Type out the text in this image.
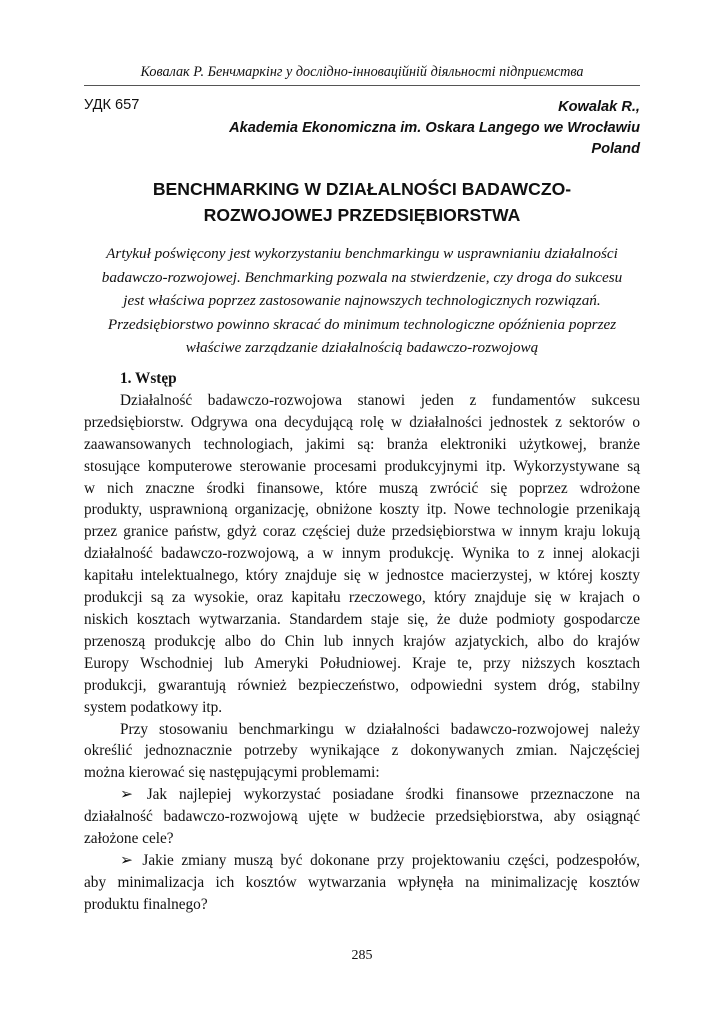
Ковалак Р. Бенчмаркінг у дослідно-інноваційній діяльності підприємства
УДК 657	Kowalak R.,
Akademia Ekonomiczna im. Oskara Langego we Wrocławiu
Poland
BENCHMARKING W DZIAŁALNOŚCI BADAWCZO-
ROZWOJOWEJ PRZEDSIĘBIORSTWA
Artykuł poświęcony jest wykorzystaniu benchmarkingu w usprawnianiu działalności
badawczo-rozwojowej. Benchmarking pozwala na stwierdzenie, czy droga do sukcesu
jest właściwa poprzez zastosowanie najnowszych technologicznych rozwiązań.
Przedsiębiorstwo powinno skracać do minimum technologiczne opóźnienia poprzez
właściwe zarządzanie działalnością badawczo-rozwojową
1. Wstęp
Działalność badawczo-rozwojowa stanowi jeden z fundamentów sukcesu
przedsiębiorstw. Odgrywa ona decydującą rolę w działalności jednostek z sektorów o
zaawansowanych technologiach, jakimi są: branża elektroniki użytkowej, branże
stosujące komputerowe sterowanie procesami produkcyjnymi itp. Wykorzystywane są
w nich znaczne środki finansowe, które muszą zwrócić się poprzez wdrożone
produkty, usprawnioną organizację, obniżone koszty itp. Nowe technologie przenikają
przez granice państw, gdyż coraz częściej duże przedsiębiorstwa w innym kraju lokują
działalność badawczo-rozwojową, a w innym produkcję. Wynika to z innej alokacji
kapitału intelektualnego, który znajduje się w jednostce macierzystej, w której koszty
produkcji są za wysokie, oraz kapitału rzeczowego, który znajduje się w krajach o
niskich kosztach wytwarzania. Standardem staje się, że duże podmioty gospodarcze
przenoszą produkcję albo do Chin lub innych krajów azjatyckich, albo do krajów
Europy Wschodniej lub Ameryki Południowej. Kraje te, przy niższych kosztach
produkcji, gwarantują również bezpieczeństwo, odpowiedni system dróg, stabilny
system podatkowy itp.
Przy stosowaniu benchmarkingu w działalności badawczo-rozwojowej należy
określić jednoznacznie potrzeby wynikające z dokonywanych zmian. Najczęściej
można kierować się następującymi problemami:
➢ Jak najlepiej wykorzystać posiadane środki finansowe przeznaczone na
działalność badawczo-rozwojową ujęte w budżecie przedsiębiorstwa, aby osiągnąć
założone cele?
➢ Jakie zmiany muszą być dokonane przy projektowaniu części, podzespołów,
aby minimalizacja ich kosztów wytwarzania wpłynęła na minimalizację kosztów
produktu finalnego?
285
